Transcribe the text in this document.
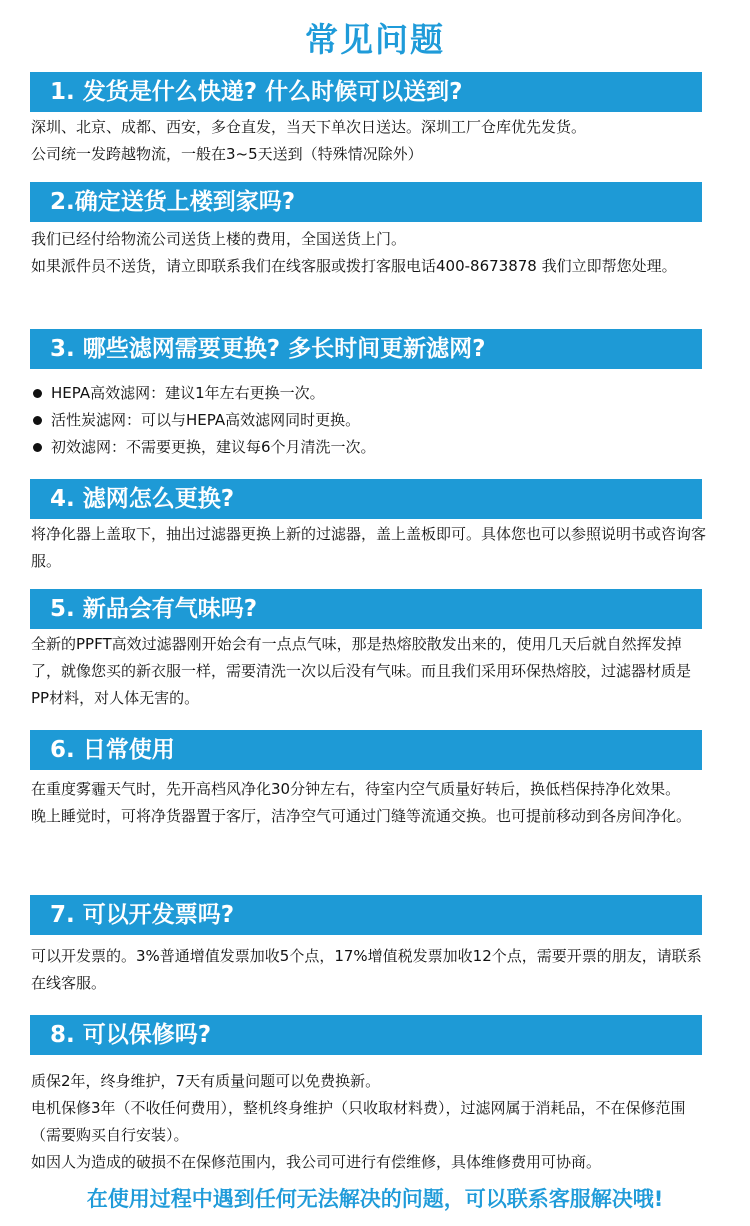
常见问题
1. 发货是什么快递? 什么时候可以送到?

深圳、北京、成都、西安，多仓直发，当天下单次日送达。深圳工厂仓库优先发货。

公司统一发跨越物流，一般在3~5天送到（特殊情况除外）

2.确定送货上楼到家吗?

我们已经付给物流公司送货上楼的费用，全国送货上门。

如果派件员不送货，请立即联系我们在线客服或拨打客服电话400-8673878 我们立即帮您处理。

3. 哪些滤网需要更换? 多长时间更新滤网?
HEPA高效滤网：建议1年左右更换一次。
活性炭滤网：可以与HEPA高效滤网同时更换。
初效滤网：不需要更换，建议每6个月清洗一次。
4. 滤网怎么更换?

将净化器上盖取下，抽出过滤器更换上新的过滤器，盖上盖板即可。具体您也可以参照说明书或咨询客服。

5. 新品会有气味吗?

全新的PPFT高效过滤器刚开始会有一点点气味，那是热熔胶散发出来的，使用几天后就自然挥发掉了，就像您买的新衣服一样，需要清洗一次以后没有气味。而且我们采用环保热熔胶，过滤器材质是PP材料，对人体无害的。

6. 日常使用

在重度雾霾天气时，先开高档风净化30分钟左右，待室内空气质量好转后，换低档保持净化效果。

晚上睡觉时，可将净货器置于客厅，洁净空气可通过门缝等流通交换。也可提前移动到各房间净化。

7. 可以开发票吗?

可以开发票的。3%普通增值发票加收5个点，17%增值税发票加收12个点，需要开票的朋友，请联系在线客服。

8. 可以保修吗?

质保2年，终身维护，7天有质量问题可以免费换新。

电机保修3年（不收任何费用），整机终身维护（只收取材料费），过滤网属于消耗品，不在保修范围（需要购买自行安装）。

如因人为造成的破损不在保修范围内，我公司可进行有偿维修，具体维修费用可协商。

在使用过程中遇到任何无法解决的问题，可以联系客服解决哦!
